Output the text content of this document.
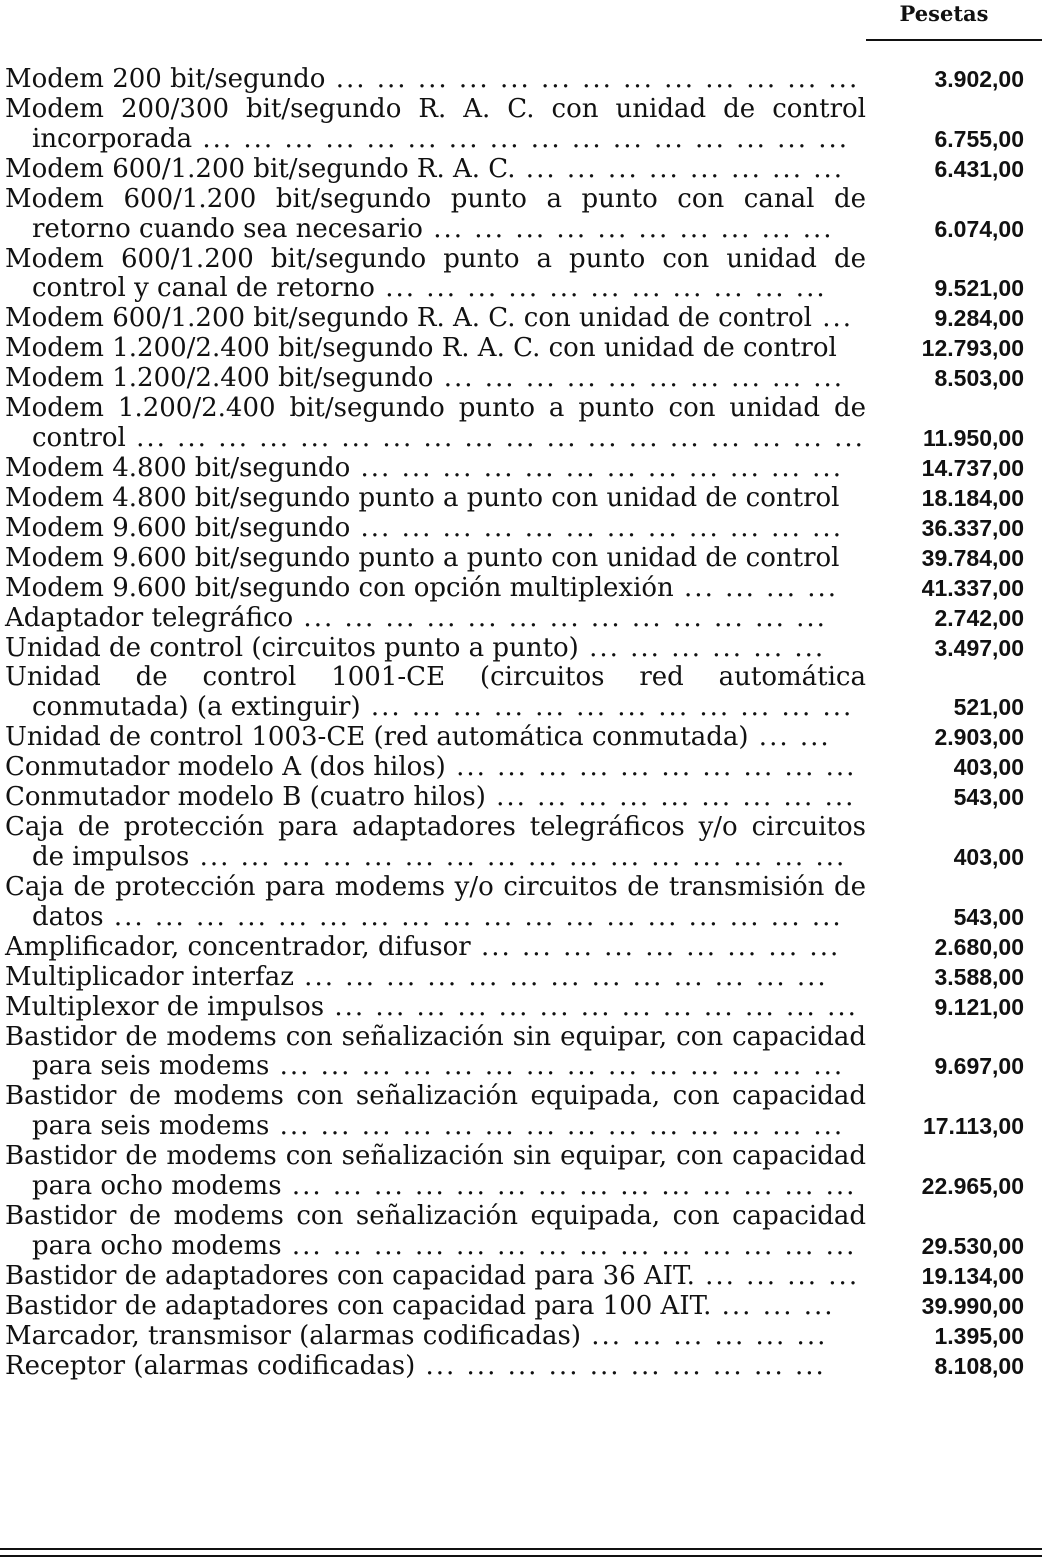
Pesetas
Modem 200 bit/segundo ... ... ... ... ... ... ... ... ... ... ... ... ...	3.902,00
Modem 200/300 bit/segundo R. A. C. con unidad de control incorporada ... ... ... ... ... ... ... ... ... ... ... ... ... ... ... ...	6.755,00
Modem 600/1.200 bit/segundo R. A. C. ... ... ... ... ... ... ... ...	6.431,00
Modem 600/1.200 bit/segundo punto a punto con canal de retorno cuando sea necesario ... ... ... ... ... ... ... ... ... ...	6.074,00
Modem 600/1.200 bit/segundo punto a punto con unidad de control y canal de retorno ... ... ... ... ... ... ... ... ... ... ...	9.521,00
Modem 600/1.200 bit/segundo R. A. C. con unidad de control ...	9.284,00
Modem 1.200/2.400 bit/segundo R. A. C. con unidad de control	12.793,00
Modem 1.200/2.400 bit/segundo ... ... ... ... ... ... ... ... ... ...	8.503,00
Modem 1.200/2.400 bit/segundo punto a punto con unidad de control ... ... ... ... ... ... ... ... ... ... ... ... ... ... ... ... ... ...	11.950,00
Modem 4.800 bit/segundo ... ... ... ... ... ... ... ... ... ... ... ...	14.737,00
Modem 4.800 bit/segundo punto a punto con unidad de control	18.184,00
Modem 9.600 bit/segundo ... ... ... ... ... ... ... ... ... ... ... ...	36.337,00
Modem 9.600 bit/segundo punto a punto con unidad de control	39.784,00
Modem 9.600 bit/segundo con opción multiplexión ... ... ... ...	41.337,00
Adaptador telegráfico ... ... ... ... ... ... ... ... ... ... ... ... ...	2.742,00
Unidad de control (circuitos punto a punto) ... ... ... ... ... ...	3.497,00
Unidad de control 1001-CE (circuitos red automática conmutada) (a extinguir) ... ... ... ... ... ... ... ... ... ... ... ...	521,00
Unidad de control 1003-CE (red automática conmutada) ... ...	2.903,00
Conmutador modelo A (dos hilos) ... ... ... ... ... ... ... ... ... ...	403,00
Conmutador modelo B (cuatro hilos) ... ... ... ... ... ... ... ... ...	543,00
Caja de protección para adaptadores telegráficos y/o circuitos de impulsos ... ... ... ... ... ... ... ... ... ... ... ... ... ... ... ...	403,00
Caja de protección para modems y/o circuitos de transmisión de datos ... ... ... ... ... ... ... ... ... ... ... ... ... ... ... ... ... ...	543,00
Amplificador, concentrador, difusor ... ... ... ... ... ... ... ... ...	2.680,00
Multiplicador interfaz ... ... ... ... ... ... ... ... ... ... ... ... ...	3.588,00
Multiplexor de impulsos ... ... ... ... ... ... ... ... ... ... ... ... ...	9.121,00
Bastidor de modems con señalización sin equipar, con capacidad para seis modems ... ... ... ... ... ... ... ... ... ... ... ... ... ...	9.697,00
Bastidor de modems con señalización equipada, con capacidad para seis modems ... ... ... ... ... ... ... ... ... ... ... ... ... ...	17.113,00
Bastidor de modems con señalización sin equipar, con capacidad para ocho modems ... ... ... ... ... ... ... ... ... ... ... ... ... ...	22.965,00
Bastidor de modems con señalización equipada, con capacidad para ocho modems ... ... ... ... ... ... ... ... ... ... ... ... ... ...	29.530,00
Bastidor de adaptadores con capacidad para 36 AIT. ... ... ... ...	19.134,00
Bastidor de adaptadores con capacidad para 100 AIT. ... ... ...	39.990,00
Marcador, transmisor (alarmas codificadas) ... ... ... ... ... ...	1.395,00
Receptor (alarmas codificadas) ... ... ... ... ... ... ... ... ... ...	8.108,00
